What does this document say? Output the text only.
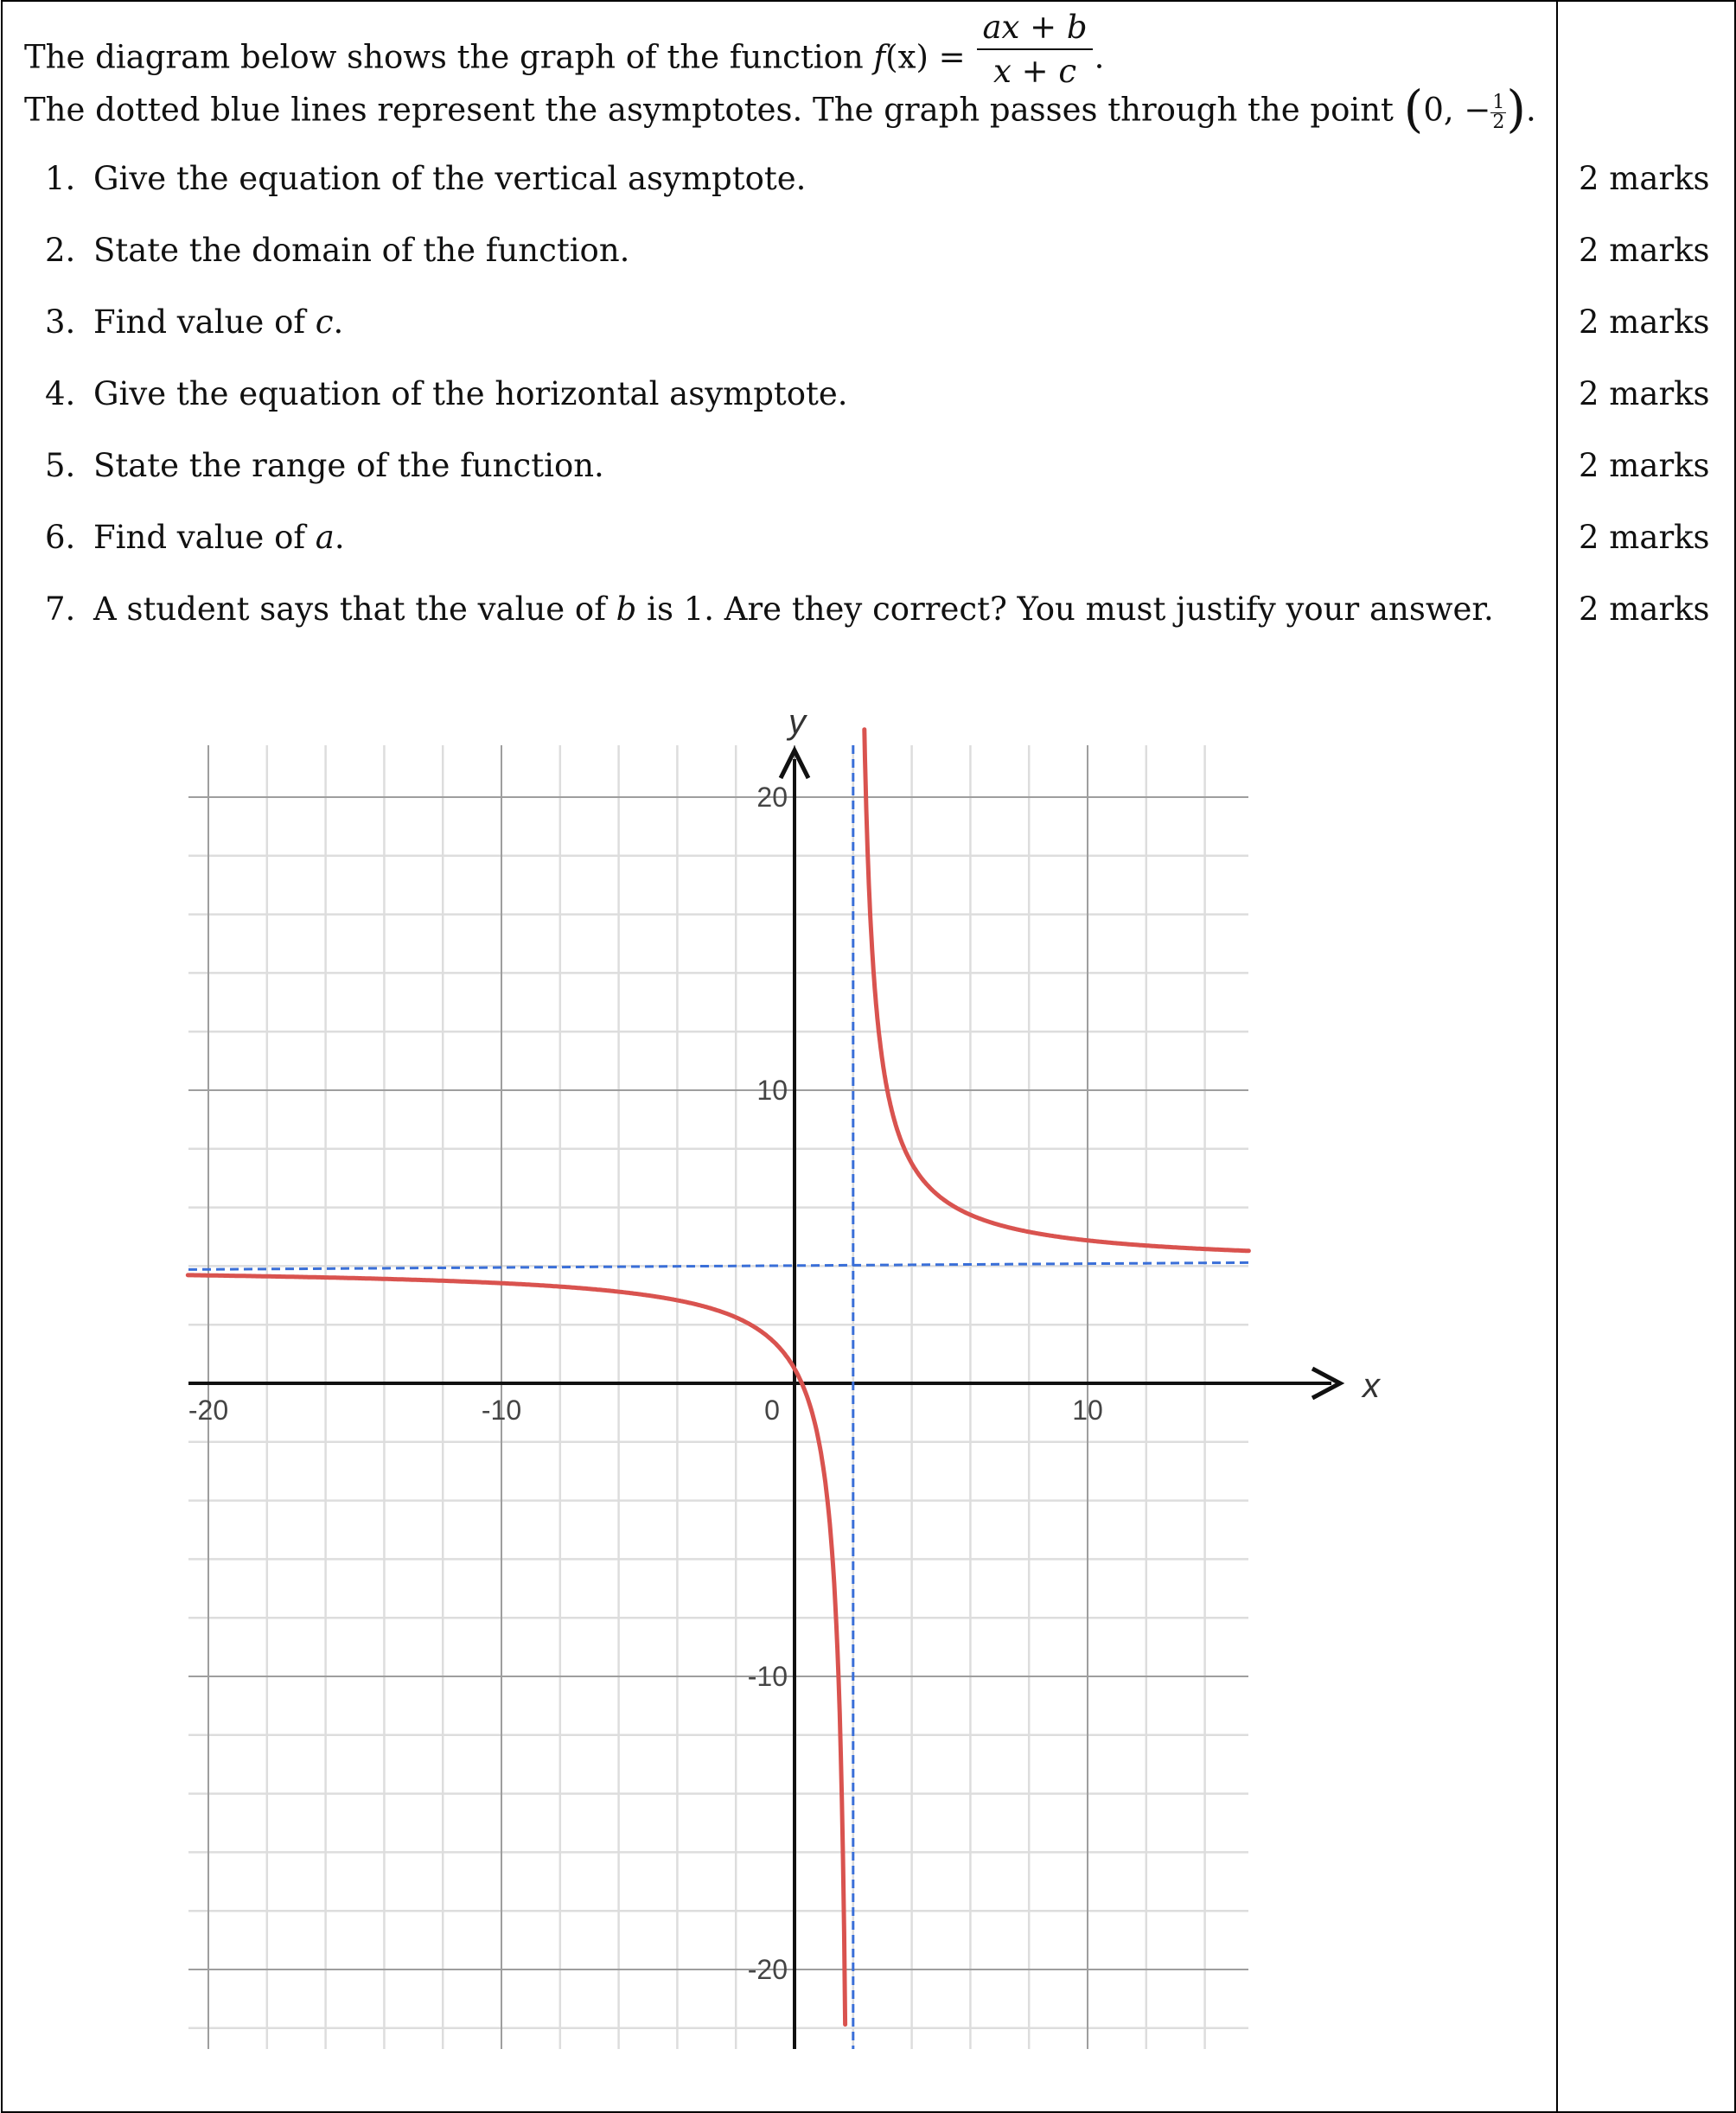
The diagram below shows the graph of the function $f(x) = \frac{ax + b}{x + c}$ .
The dotted blue lines represent the asymptotes. The graph passes through the point (0, − $\frac{1}{2}$ ).
1. Give the equation of the vertical asymptote.	2 marks
2. State the domain of the function.	2 marks
3. Find value of c.	2 marks
4. Give the equation of the horizontal asymptote.	2 marks
5. State the range of the function.	2 marks
6. Find value of a.	2 marks
7. A student says that the value of b is 1. Are they correct? You must justify your answer.	2 marks
-20	-10	0	10
20
10
-10
-20
x
y
